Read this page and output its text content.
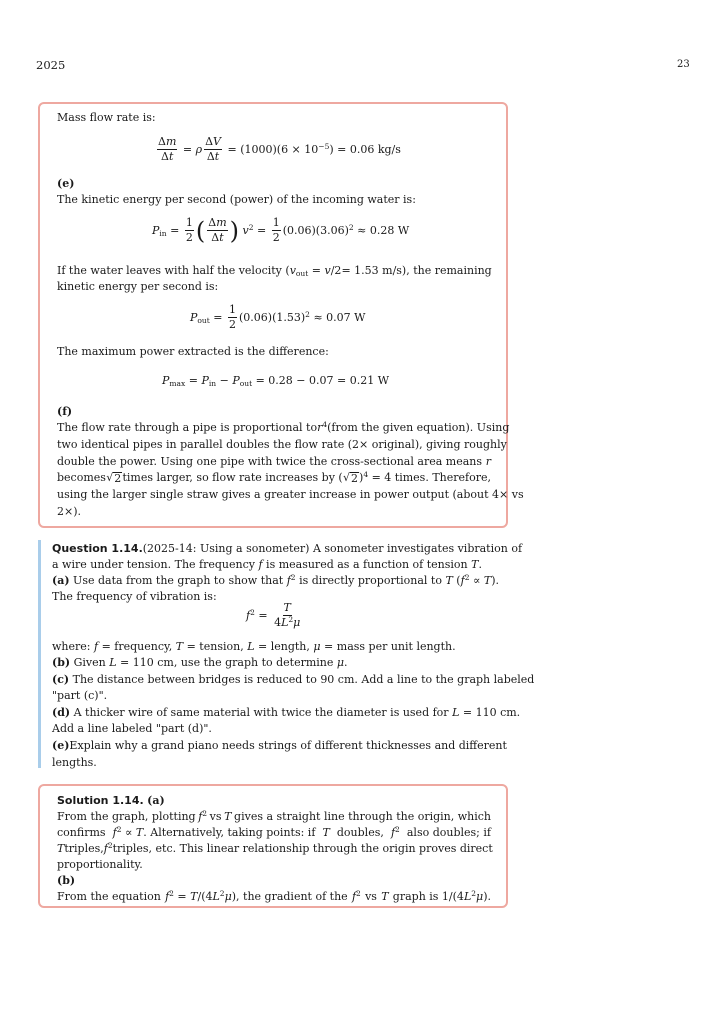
2025	23
Mass flow rate is:
$\frac{\Delta m}{\Delta t} = \rho \frac{\Delta V}{\Delta t} = (1000)(6 \times 10^{-5}) = 0.06$ kg/s
(e)
The kinetic energy per second (power) of the incoming water is:
$P_{in} = \frac{1}{2}$ ( $\frac{\Delta m}{\Delta t}$ ) $v^2 = \frac{1}{2} (0.06)(3.06)^2 \approx 0.28$ W
If the water leaves with half the velocity ( $v_{out} = v/2 = 1.53$ m/s), the remaining
kinetic energy per second is:
$P_{out} = \frac{1}{2} (0.06)(1.53)^2 \approx 0.07$ W
The maximum power extracted is the difference:
$P_{max} = P_{in} - P_{out} = 0.28 - 0.07 = 0.21$ W
(f)
The flow rate through a pipe is proportional to $r^4$ (from the given equation). Using
two identical pipes in parallel doubles the flow rate (2× original), giving roughly
double the power. Using one pipe with twice the cross-sectional area means r
becomes √ 2 times larger, so flow rate increases by ( √ 2 )$^4$ = 4 times. Therefore,
using the larger single straw gives a greater increase in power output (about 4× vs
2×).
Question 1.14. (2025-14: Using a sonometer) A sonometer investigates vibration of
a wire under tension. The frequency f is measured as a function of tension T.
(a) Use data from the graph to show that $f^2$ is directly proportional to T $(f^2 \propto T)$.
The frequency of vibration is:
$f^2 = \frac{T}{4L^2\mu}$
where: f = frequency, T = tension, L = length, μ = mass per unit length.
(b) Given L = 110 cm, use the graph to determine μ.
(c) The distance between bridges is reduced to 90 cm. Add a line to the graph labeled
"part (c)".
(d) A thicker wire of same material with twice the diameter is used for L = 110 cm.
Add a line labeled "part (d)".
(e) Explain why a grand piano needs strings of different thicknesses and different
lengths.
Solution 1.14. (a)
From the graph, plotting $f^2$ vs T gives a straight line through the origin, which
confirms $f^2 \propto T$. Alternatively, taking points: if T doubles, $f^2$ also doubles; if
T triples, $f^2$ triples, etc. This linear relationship through the origin proves direct
proportionality.
(b)
From the equation $f^2 = T/(4L^2\mu)$, the gradient of the $f^2$ vs T graph is $1/(4L^2\mu)$.
